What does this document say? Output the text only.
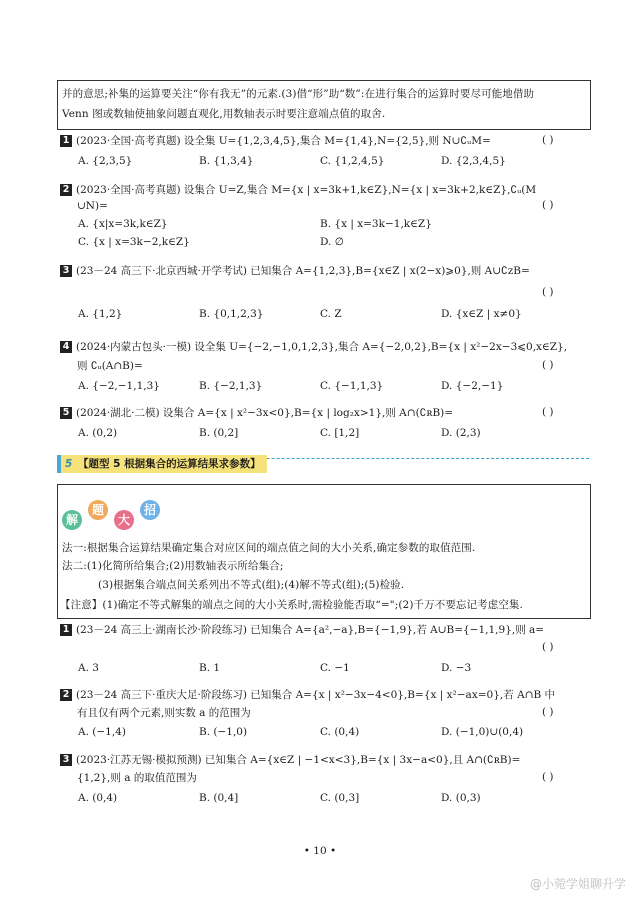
并的意思;补集的运算要关注“你有我无”的元素.(3)借“形”助“数”:在进行集合的运算时要尽可能地借助
Venn 图或数轴使抽象问题直观化,用数轴表示时要注意端点值的取舍.
1 (2023·全国·高考真题) 设全集 U={1,2,3,4,5},集合 M={1,4},N={2,5},则 N∪∁ᵤM=	( )
A. {2,3,5}	B. {1,3,4}	C. {1,2,4,5}	D. {2,3,4,5}
2 (2023·全国·高考真题) 设集合 U=Z,集合 M={x | x=3k+1,k∈Z},N={x | x=3k+2,k∈Z},∁ᵤ(M
∪N)=	( )
A. {x|x=3k,k∈Z}	B. {x | x=3k−1,k∈Z}
C. {x | x=3k−2,k∈Z}	D. ∅
3 (23－24 高三下·北京西城·开学考试) 已知集合 A={1,2,3},B={x∈Z | x(2−x)⩾0},则 A∪∁ᴢB=
( )
A. {1,2}	B. {0,1,2,3}	C. Z	D. {x∈Z | x≠0}
4 (2024·内蒙古包头·一模) 设全集 U={−2,−1,0,1,2,3},集合 A={−2,0,2},B={x | x²−2x−3⩽0,x∈Z},
则 ∁ᵤ(A∩B)=	( )
A. {−2,−1,1,3}	B. {−2,1,3}	C. {−1,1,3}	D. {−2,−1}
5 (2024·湖北·二模) 设集合 A={x | x²−3x<0},B={x | log₂x>1},则 A∩(∁ʀB)=	( )
A. (0,2)	B. (0,2]	C. [1,2]	D. (2,3)
5 【题型 5 根据集合的运算结果求参数】
解
题
大
招
法一:根据集合运算结果确定集合对应区间的端点值之间的大小关系,确定参数的取值范围.
法二:(1)化简所给集合;(2)用数轴表示所给集合;
(3)根据集合端点间关系列出不等式(组);(4)解不等式(组);(5)检验.
【注意】(1)确定不等式解集的端点之间的大小关系时,需检验能否取“=";(2)千万不要忘记考虑空集.
1 (23－24 高三上·湖南长沙·阶段练习) 已知集合 A={a²,−a},B={−1,9},若 A∪B={−1,1,9},则 a=
( )
A. 3	B. 1	C. −1	D. −3
2 (23－24 高三下·重庆大足·阶段练习) 已知集合 A={x | x²−3x−4<0},B={x | x²−ax=0},若 A∩B 中
有且仅有两个元素,则实数 a 的范围为	( )
A. (−1,4)	B. (−1,0)	C. (0,4)	D. (−1,0)∪(0,4)
3 (2023·江苏无锡·模拟预测) 已知集合 A={x∈Z | −1<x<3},B={x | 3x−a<0},且 A∩(∁ʀB)=
{1,2},则 a 的取值范围为	( )
A. (0,4)	B. (0,4]	C. (0,3]	D. (0,3)
• 10 •
@小菀学姐聊升学
